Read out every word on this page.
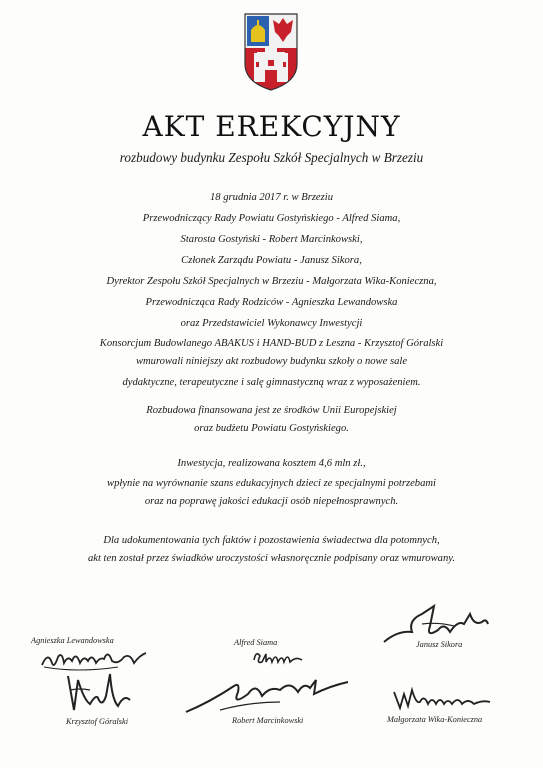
AKT EREKCYJNY
rozbudowy budynku Zespołu Szkół Specjalnych w Brzeziu
18 grudnia 2017 r. w Brzeziu
Przewodniczący Rady Powiatu Gostyńskiego - Alfred Siama,
Starosta Gostyński - Robert Marcinkowski,
Członek Zarządu Powiatu - Janusz Sikora,
Dyrektor Zespołu Szkół Specjalnych w Brzeziu - Małgorzata Wika-Konieczna,
Przewodnicząca Rady Rodziców - Agnieszka Lewandowska
oraz Przedstawiciel Wykonawcy Inwestycji
Konsorcjum Budowlanego ABAKUS i HAND-BUD z Leszna - Krzysztof Góralski
wmurowali niniejszy akt rozbudowy budynku szkoły o nowe sale
dydaktyczne, terapeutyczne i salę gimnastyczną wraz z wyposażeniem.
Rozbudowa finansowana jest ze środków Unii Europejskiej
oraz budżetu Powiatu Gostyńskiego.
Inwestycja, realizowana kosztem 4,6 mln zł.,
wpłynie na wyrównanie szans edukacyjnych dzieci ze specjalnymi potrzebami
oraz na poprawę jakości edukacji osób niepełnosprawnych.
Dla udokumentowania tych faktów i pozostawienia świadectwa dla potomnych,
akt ten został przez świadków uroczystości własnoręcznie podpisany oraz wmurowany.
Agnieszka Lewandowska	Alfred Siama	Janusz Sikora
Krzysztof Góralski	Robert Marcinkowski	Małgorzata Wika-Konieczna
